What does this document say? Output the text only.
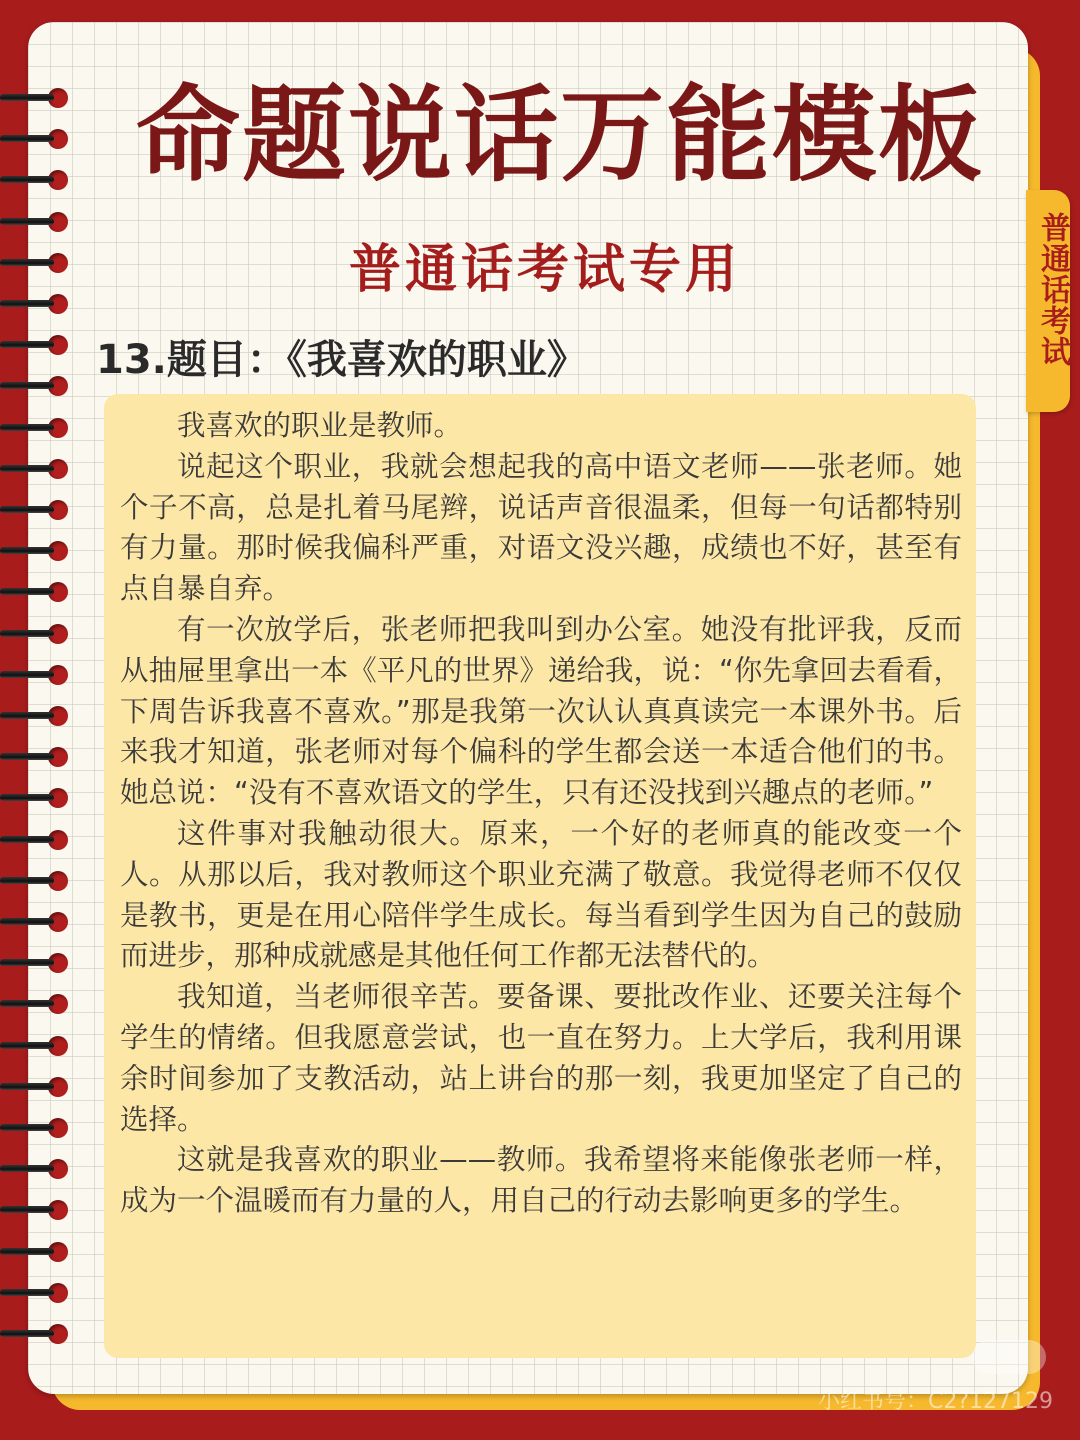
普通话考试
命题说话万能模板
普通话考试专用
13.题目：《我喜欢的职业》

我喜欢的职业是教师。

说起这个职业，我就会想起我的高中语文老师——张老师。她个子不高，总是扎着马尾辫，说话声音很温柔，但每一句话都特别有力量。那时候我偏科严重，对语文没兴趣，成绩也不好，甚至有点自暴自弃。

有一次放学后，张老师把我叫到办公室。她没有批评我，反而从抽屉里拿出一本《平凡的世界》递给我，说：“你先拿回去看看，下周告诉我喜不喜欢。”那是我第一次认认真真读完一本课外书。后来我才知道，张老师对每个偏科的学生都会送一本适合他们的书。她总说：“没有不喜欢语文的学生，只有还没找到兴趣点的老师。”

这件事对我触动很大。原来，一个好的老师真的能改变一个人。从那以后，我对教师这个职业充满了敬意。我觉得老师不仅仅是教书，更是在用心陪伴学生成长。每当看到学生因为自己的鼓励而进步，那种成就感是其他任何工作都无法替代的。

我知道，当老师很辛苦。要备课、要批改作业、还要关注每个学生的情绪。但我愿意尝试，也一直在努力。上大学后，我利用课余时间参加了支教活动，站上讲台的那一刻，我更加坚定了自己的选择。

这就是我喜欢的职业——教师。我希望将来能像张老师一样，成为一个温暖而有力量的人，用自己的行动去影响更多的学生。

小红书号：C2?127129
